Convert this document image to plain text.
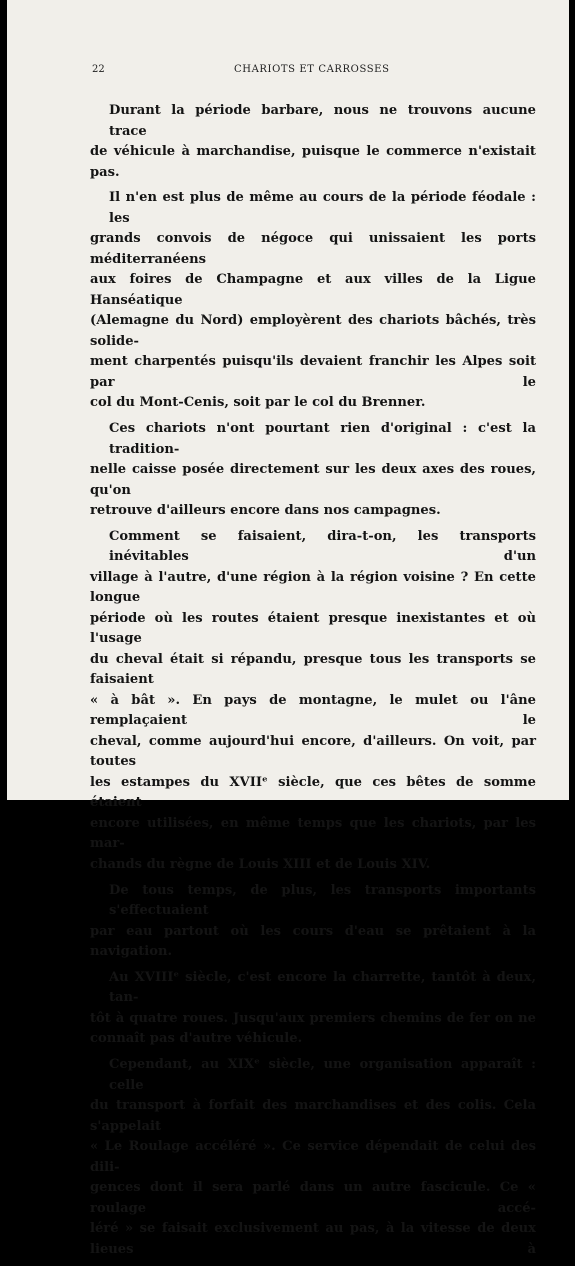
22	CHARIOTS ET CARROSSES

Durant la période barbare, nous ne trouvons aucune trace
de véhicule à marchandise, puisque le commerce n'existait pas.

Il n'en est plus de même au cours de la période féodale : les
grands convois de négoce qui unissaient les ports méditerranéens
aux foires de Champagne et aux villes de la Ligue Hanséatique
(Alemagne du Nord) employèrent des chariots bâchés, très solide-
ment charpentés puisqu'ils devaient franchir les Alpes soit par le
col du Mont-Cenis, soit par le col du Brenner.

Ces chariots n'ont pourtant rien d'original : c'est la tradition-
nelle caisse posée directement sur les deux axes des roues, qu'on
retrouve d'ailleurs encore dans nos campagnes.

Comment se faisaient, dira-t-on, les transports inévitables d'un
village à l'autre, d'une région à la région voisine ? En cette longue
période où les routes étaient presque inexistantes et où l'usage
du cheval était si répandu, presque tous les transports se faisaient
« à bât ». En pays de montagne, le mulet ou l'âne remplaçaient le
cheval, comme aujourd'hui encore, d'ailleurs. On voit, par toutes
les estampes du XVIIᵉ siècle, que ces bêtes de somme étaient
encore utilisées, en même temps que les chariots, par les mar-
chands du règne de Louis XIII et de Louis XIV.

De tous temps, de plus, les transports importants s'effectuaient
par eau partout où les cours d'eau se prêtaient à la navigation.

Au XVIIIᵉ siècle, c'est encore la charrette, tantôt à deux, tan-
tôt à quatre roues. Jusqu'aux premiers chemins de fer on ne
connaît pas d'autre véhicule.

Cependant, au XIXᵉ siècle, une organisation apparaît : celle
du transport à forfait des marchandises et des colis. Cela s'appelait
« Le Roulage accéléré ». Ce service dépendait de celui des dili-
gences dont il sera parlé dans un autre fascicule. Ce « roulage accé-
léré » se faisait exclusivement au pas, à la vitesse de deux lieues à
